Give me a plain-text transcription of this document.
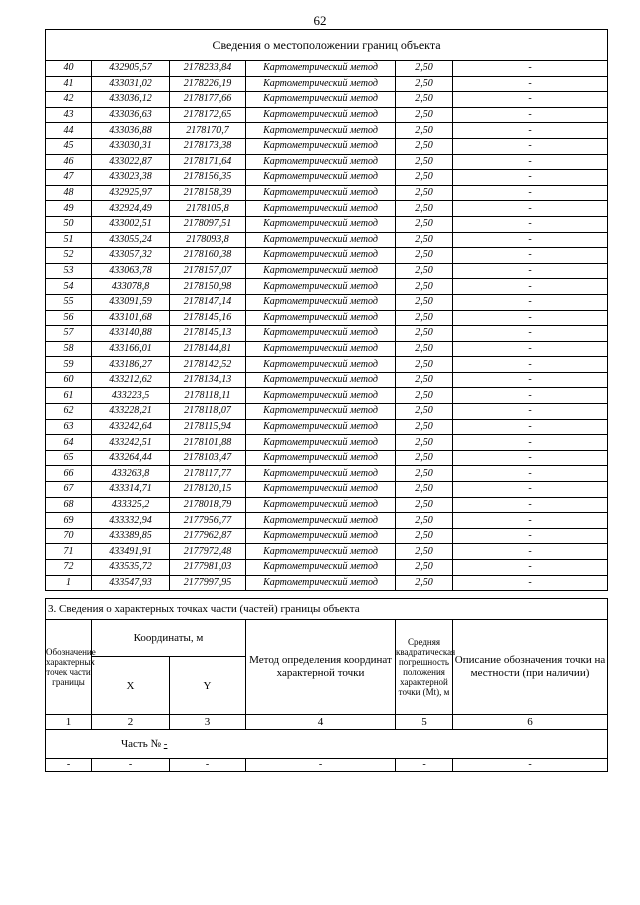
62
Сведения о местоположении границ объекта					
40	432905,57	2178233,84	Картометрический метод	2,50	-
41	433031,02	2178226,19	Картометрический метод	2,50	-
42	433036,12	2178177,66	Картометрический метод	2,50	-
43	433036,63	2178172,65	Картометрический метод	2,50	-
44	433036,88	2178170,7	Картометрический метод	2,50	-
45	433030,31	2178173,38	Картометрический метод	2,50	-
46	433022,87	2178171,64	Картометрический метод	2,50	-
47	433023,38	2178156,35	Картометрический метод	2,50	-
48	432925,97	2178158,39	Картометрический метод	2,50	-
49	432924,49	2178105,8	Картометрический метод	2,50	-
50	433002,51	2178097,51	Картометрический метод	2,50	-
51	433055,24	2178093,8	Картометрический метод	2,50	-
52	433057,32	2178160,38	Картометрический метод	2,50	-
53	433063,78	2178157,07	Картометрический метод	2,50	-
54	433078,8	2178150,98	Картометрический метод	2,50	-
55	433091,59	2178147,14	Картометрический метод	2,50	-
56	433101,68	2178145,16	Картометрический метод	2,50	-
57	433140,88	2178145,13	Картометрический метод	2,50	-
58	433166,01	2178144,81	Картометрический метод	2,50	-
59	433186,27	2178142,52	Картометрический метод	2,50	-
60	433212,62	2178134,13	Картометрический метод	2,50	-
61	433223,5	2178118,11	Картометрический метод	2,50	-
62	433228,21	2178118,07	Картометрический метод	2,50	-
63	433242,64	2178115,94	Картометрический метод	2,50	-
64	433242,51	2178101,88	Картометрический метод	2,50	-
65	433264,44	2178103,47	Картометрический метод	2,50	-
66	433263,8	2178117,77	Картометрический метод	2,50	-
67	433314,71	2178120,15	Картометрический метод	2,50	-
68	433325,2	2178018,79	Картометрический метод	2,50	-
69	433332,94	2177956,77	Картометрический метод	2,50	-
70	433389,85	2177962,87	Картометрический метод	2,50	-
71	433491,91	2177972,48	Картометрический метод	2,50	-
72	433535,72	2177981,03	Картометрический метод	2,50	-
1	433547,93	2177997,95	Картометрический метод	2,50	-
3. Сведения о характерных точках части (частей) границы объекта					
Обозначение характерных точек части границы	Координаты, м		Метод определения координат характерной точки	Средняя квадратическая погрешность положения характерной точки (Mt), м	Описание обозначения точки на местности (при наличии)
	X	Y			
1	2	3	4	5	6
Часть № -					
-	-	-	-	-	-
